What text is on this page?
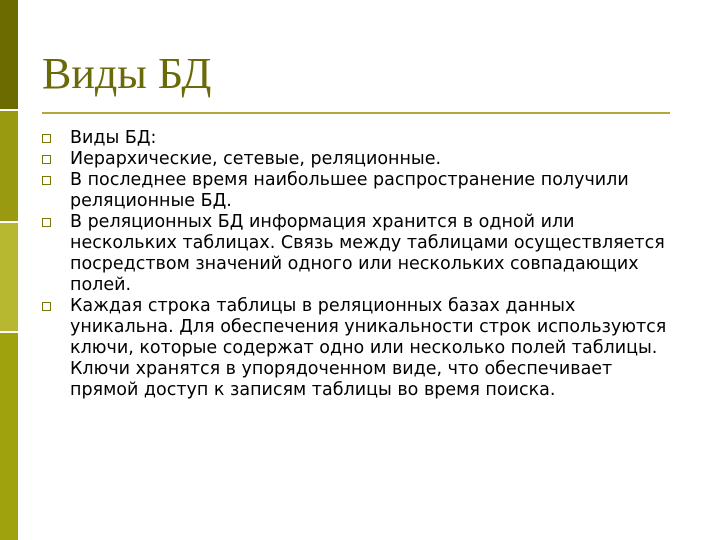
Виды БД
Виды БД:
Иерархические, сетевые, реляционные.
В последнее время наибольшее распространение получили реляционные БД.
В реляционных БД информация хранится в одной или нескольких таблицах. Связь между таблицами осуществляется посредством значений одного или нескольких совпадающих полей.
Каждая строка таблицы в реляционных базах данных уникальна. Для обеспечения уникальности строк используются ключи, которые содержат одно или несколько полей таблицы. Ключи хранятся в упорядоченном виде, что обеспечивает прямой доступ к записям таблицы во время поиска.
